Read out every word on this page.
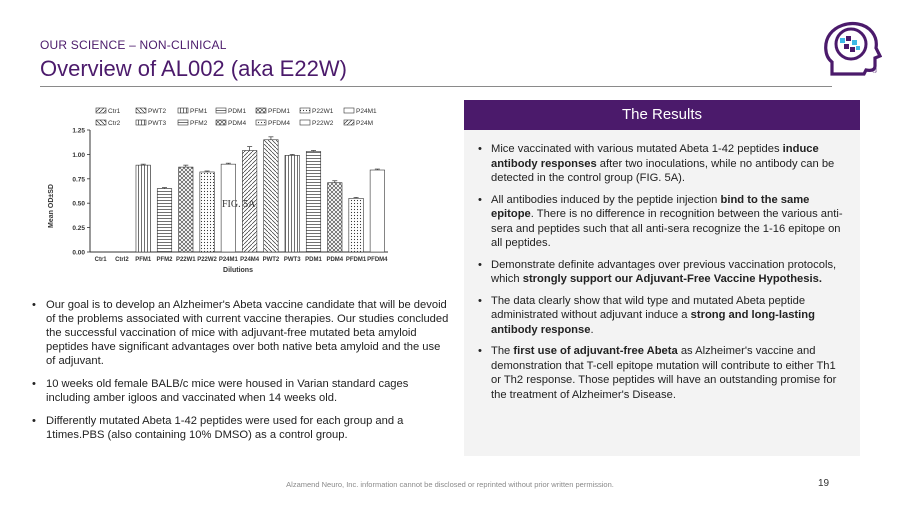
OUR SCIENCE – NON-CLINICAL
Overview of AL002 (aka E22W)	®
Ctr1	PWT2	PFM1	PDM1	PFDM1	P22W1	P24M1
Ctr2	PWT3	PFM2	PDM4	PFDM4	P22W2	P24M
0.00
0.25
0.50
0.75
1.00
1.25
Ctr1 Ctrl2 PFM1 PFM2 P22W1 P22W2 P24M1 P24M4 PWT2 PWT3 PDM1 PDM4 PFDM1 PFDM4
Mean OD±SD
Dilutions
FIG. 5A
• Our goal is to develop an Alzheimer's Abeta vaccine candidate that will be devoid of the problems associated with current vaccine therapies. Our studies concluded the successful vaccination of mice with adjuvant-free mutated beta amyloid peptides have significant advantages over both native beta amyloid and the use of adjuvant.
• 10 weeks old female BALB/c mice were housed in Varian standard cages including amber igloos and vaccinated when 14 weeks old.
• Differently mutated Abeta 1-42 peptides were used for each group and a 1times.PBS (also containing 10% DMSO) as a control group.
The Results
• Mice vaccinated with various mutated Abeta 1-42 peptides induce antibody responses after two inoculations, while no antibody can be detected in the control group (FIG. 5A).
• All antibodies induced by the peptide injection bind to the same epitope. There is no difference in recognition between the various anti-sera and peptides such that all anti-sera recognize the 1-16 epitope on all peptides.
• Demonstrate definite advantages over previous vaccination protocols, which strongly support our Adjuvant-Free Vaccine Hypothesis.
• The data clearly show that wild type and mutated Abeta peptide administrated without adjuvant induce a strong and long-lasting antibody response.
• The first use of adjuvant-free Abeta as Alzheimer's vaccine and demonstration that T-cell epitope mutation will contribute to either Th1 or Th2 response. Those peptides will have an outstanding promise for the treatment of Alzheimer's Disease.
Alzamend Neuro, Inc. information cannot be disclosed or reprinted without prior written permission.	19
